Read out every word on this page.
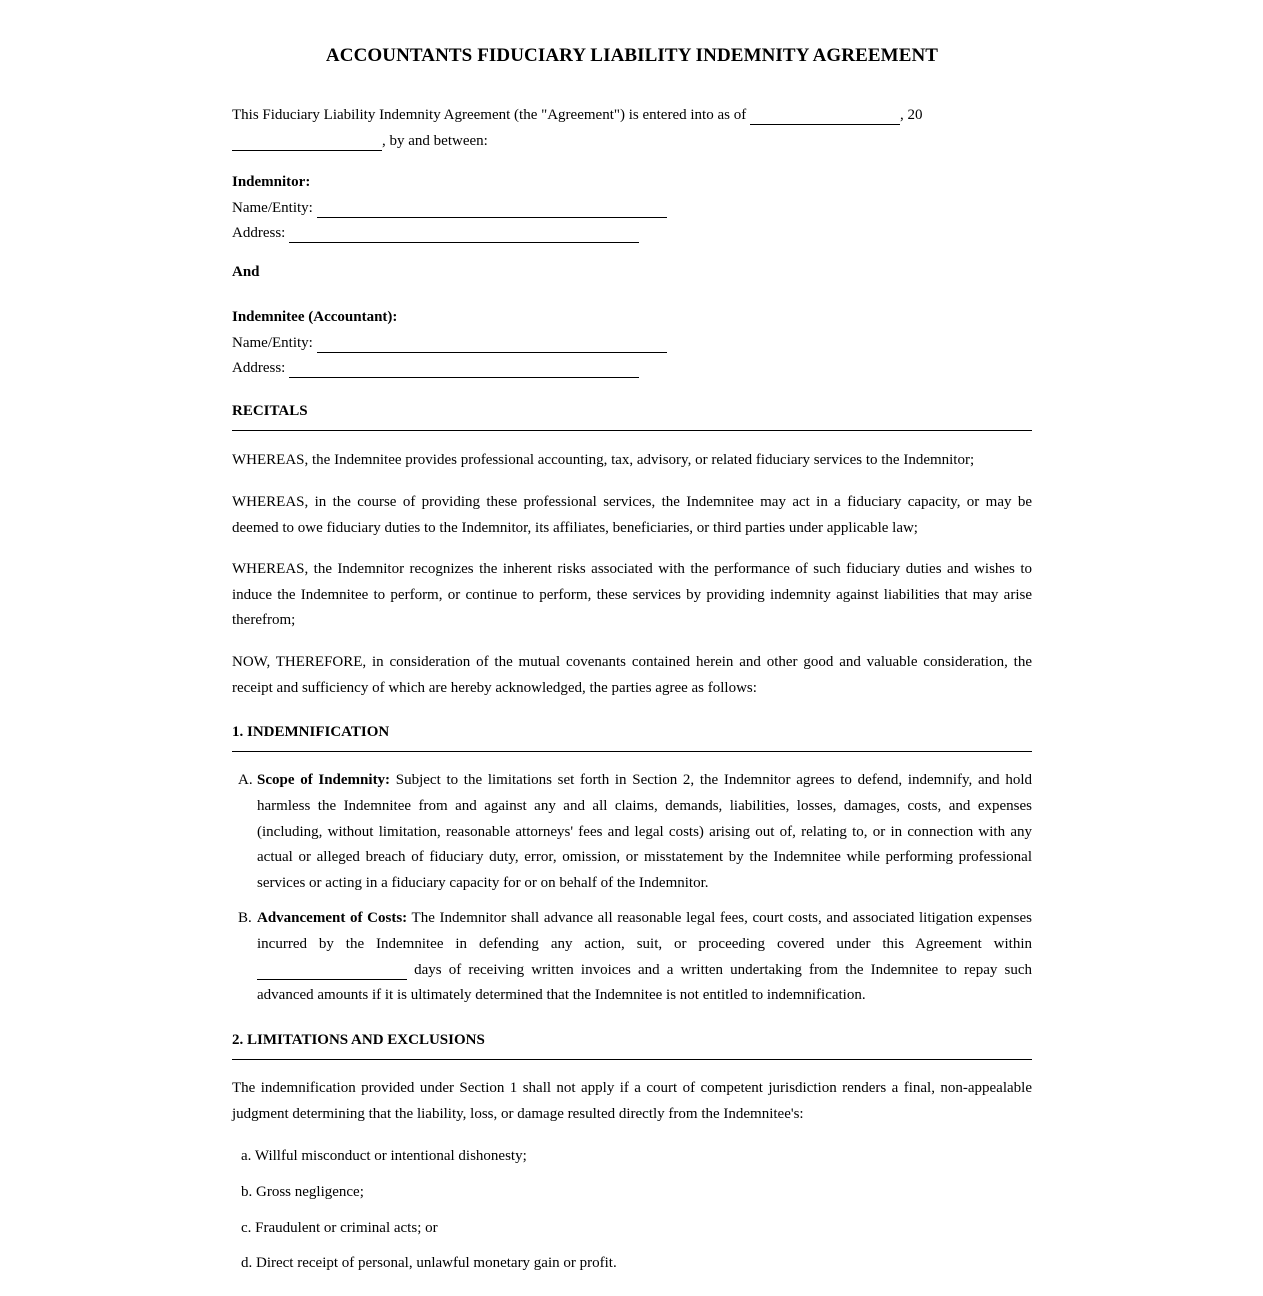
ACCOUNTANTS FIDUCIARY LIABILITY INDEMNITY AGREEMENT
This Fiduciary Liability Indemnity Agreement (the "Agreement") is entered into as of	, 20
, by and between:
Indemnitor:
Name/Entity:
Address:
And
Indemnitee (Accountant):
Name/Entity:
Address:
RECITALS
WHEREAS, the Indemnitee provides professional accounting, tax, advisory, or related fiduciary services to the Indemnitor;
WHEREAS, in the course of providing these professional services, the Indemnitee may act in a fiduciary capacity, or may be deemed to owe fiduciary duties to the Indemnitor, its affiliates, beneficiaries, or third parties under applicable law;
WHEREAS, the Indemnitor recognizes the inherent risks associated with the performance of such fiduciary duties and wishes to induce the Indemnitee to perform, or continue to perform, these services by providing indemnity against liabilities that may arise therefrom;
NOW, THEREFORE, in consideration of the mutual covenants contained herein and other good and valuable consideration, the receipt and sufficiency of which are hereby acknowledged, the parties agree as follows:
1. INDEMNIFICATION
A. Scope of Indemnity: Subject to the limitations set forth in Section 2, the Indemnitor agrees to defend, indemnify, and hold harmless the Indemnitee from and against any and all claims, demands, liabilities, losses, damages, costs, and expenses (including, without limitation, reasonable attorneys' fees and legal costs) arising out of, relating to, or in connection with any actual or alleged breach of fiduciary duty, error, omission, or misstatement by the Indemnitee while performing professional services or acting in a fiduciary capacity for or on behalf of the Indemnitor.
B. Advancement of Costs: The Indemnitor shall advance all reasonable legal fees, court costs, and associated litigation expenses incurred by the Indemnitee in defending any action, suit, or proceeding covered under this Agreement within  days of receiving written invoices and a written undertaking from the Indemnitee to repay such advanced amounts if it is ultimately determined that the Indemnitee is not entitled to indemnification.
2. LIMITATIONS AND EXCLUSIONS
The indemnification provided under Section 1 shall not apply if a court of competent jurisdiction renders a final, non-appealable judgment determining that the liability, loss, or damage resulted directly from the Indemnitee's:
a. Willful misconduct or intentional dishonesty;
b. Gross negligence;
c. Fraudulent or criminal acts; or
d. Direct receipt of personal, unlawful monetary gain or profit.
